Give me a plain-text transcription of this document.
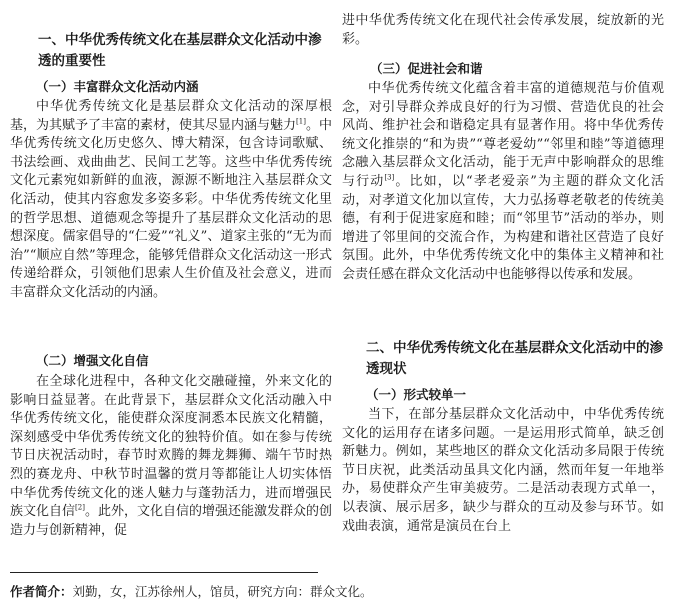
一、中华优秀传统文化在基层群众文化活动中渗透的重要性
（一）丰富群众文化活动内涵

中华优秀传统文化是基层群众文化活动的深厚根基，为其赋予了丰富的素材，使其尽显内涵与魅力[1]。中华优秀传统文化历史悠久、博大精深，包含诗词歌赋、书法绘画、戏曲曲艺、民间工艺等。这些中华优秀传统文化元素宛如新鲜的血液，源源不断地注入基层群众文化活动，使其内容愈发多姿多彩。中华优秀传统文化里的哲学思想、道德观念等提升了基层群众文化活动的思想深度。儒家倡导的“仁爱”“礼义”、道家主张的“无为而治”“顺应自然”等理念，能够凭借群众文化活动这一形式传递给群众，引领他们思索人生价值及社会意义，进而丰富群众文化活动的内涵。

（二）增强文化自信

在全球化进程中，各种文化交融碰撞，外来文化的影响日益显著。在此背景下，基层群众文化活动融入中华优秀传统文化，能使群众深度洞悉本民族文化精髓，深刻感受中华优秀传统文化的独特价值。如在参与传统节日庆祝活动时，春节时欢腾的舞龙舞狮、端午节时热烈的赛龙舟、中秋节时温馨的赏月等都能让人切实体悟中华优秀传统文化的迷人魅力与蓬勃活力，进而增强民族文化自信[2]。此外，文化自信的增强还能激发群众的创造力与创新精神，促

进中华优秀传统文化在现代社会传承发展，绽放新的光彩。

（三）促进社会和谐

中华优秀传统文化蕴含着丰富的道德规范与价值观念，对引导群众养成良好的行为习惯、营造优良的社会风尚、维护社会和谐稳定具有显著作用。将中华优秀传统文化推崇的“和为贵”“尊老爱幼”“邻里和睦”等道德理念融入基层群众文化活动，能于无声中影响群众的思维与行动[3]。比如，以“孝老爱亲”为主题的群众文化活动，对孝道文化加以宣传，大力弘扬尊老敬老的传统美德，有利于促进家庭和睦；而“邻里节”活动的举办，则增进了邻里间的交流合作，为构建和谐社区营造了良好氛围。此外，中华优秀传统文化中的集体主义精神和社会责任感在群众文化活动中也能够得以传承和发展。

二、中华优秀传统文化在基层群众文化活动中的渗透现状
（一）形式较单一

当下，在部分基层群众文化活动中，中华优秀传统文化的运用存在诸多问题。一是运用形式简单，缺乏创新魅力。例如，某些地区的群众文化活动多局限于传统节日庆祝，此类活动虽具文化内涵，然而年复一年地举办，易使群众产生审美疲劳。二是活动表现方式单一，以表演、展示居多，缺少与群众的互动及参与环节。如戏曲表演，通常是演员在台上

作者简介：刘勤，女，江苏徐州人，馆员，研究方向：群众文化。
